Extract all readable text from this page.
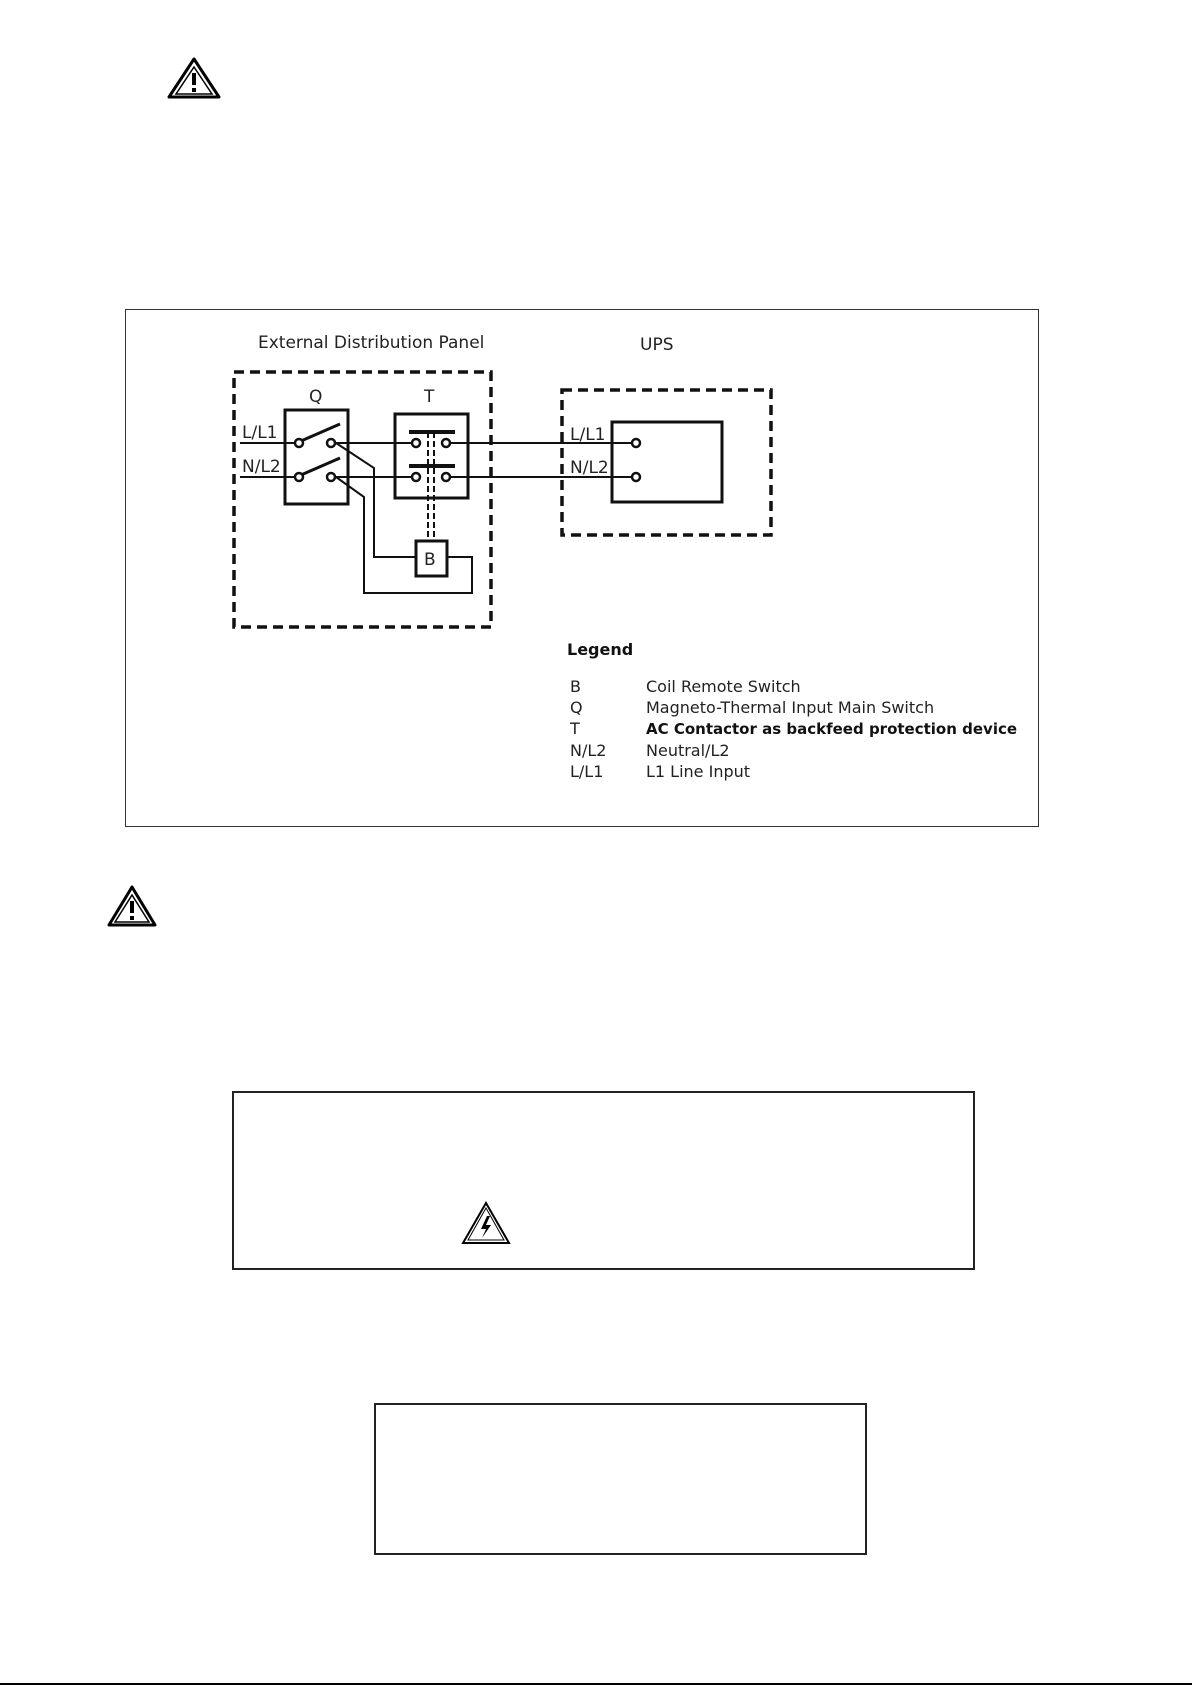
External Distribution Panel	UPS
Q	T
B
L/L1
N/L2
L/L1
N/L2
Legend
B	Coil Remote Switch
Q	Magneto-Thermal Input Main Switch
T	AC Contactor as backfeed protection device
N/L2 Neutral/L2
L/L1	L1 Line Input
